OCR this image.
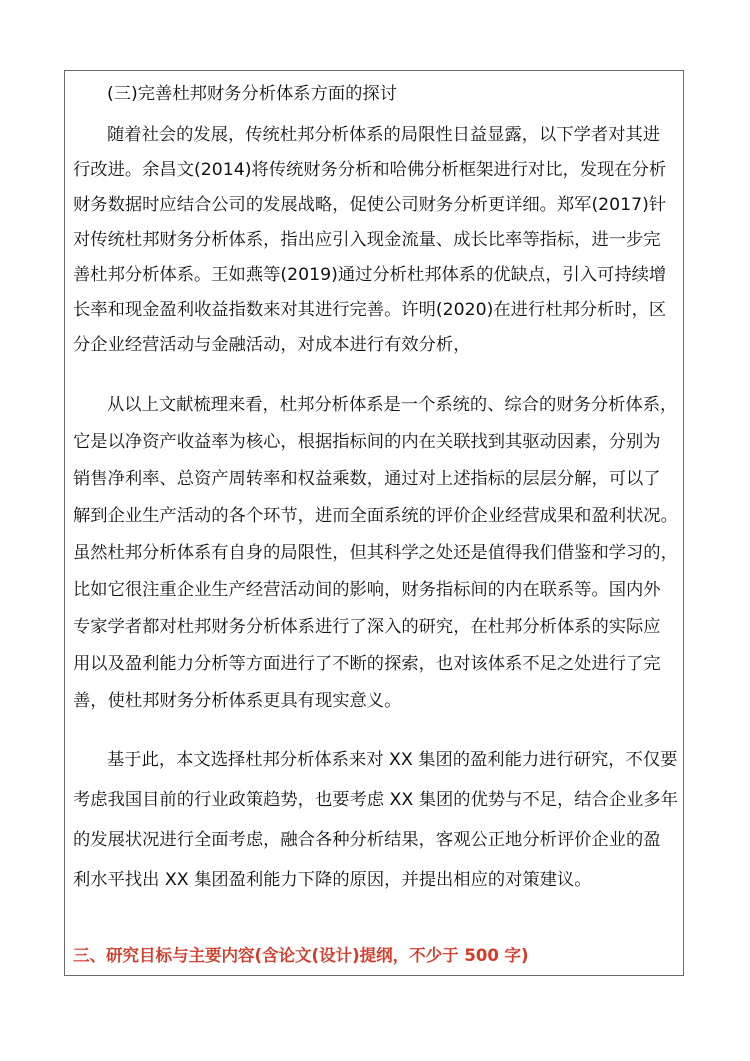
(三)完善杜邦财务分析体系方面的探讨
随着社会的发展，传统杜邦分析体系的局限性日益显露，以下学者对其进
行改进。余昌文(2014)将传统财务分析和哈佛分析框架进行对比，发现在分析
财务数据时应结合公司的发展战略，促使公司财务分析更详细。郑军(2017)针
对传统杜邦财务分析体系，指出应引入现金流量、成长比率等指标，进一步完
善杜邦分析体系。王如燕等(2019)通过分析杜邦体系的优缺点，引入可持续增
长率和现金盈利收益指数来对其进行完善。许明(2020)在进行杜邦分析时，区
分企业经营活动与金融活动，对成本进行有效分析，
从以上文献梳理来看，杜邦分析体系是一个系统的、综合的财务分析体系，
它是以净资产收益率为核心，根据指标间的内在关联找到其驱动因素，分别为
销售净利率、总资产周转率和权益乘数，通过对上述指标的层层分解，可以了
解到企业生产活动的各个环节，进而全面系统的评价企业经营成果和盈利状况。
虽然杜邦分析体系有自身的局限性，但其科学之处还是值得我们借鉴和学习的，
比如它很注重企业生产经营活动间的影响，财务指标间的内在联系等。国内外
专家学者都对杜邦财务分析体系进行了深入的研究，在杜邦分析体系的实际应
用以及盈利能力分析等方面进行了不断的探索，也对该体系不足之处进行了完
善，使杜邦财务分析体系更具有现实意义。
基于此，本文选择杜邦分析体系来对 XX 集团的盈利能力进行研究，不仅要
考虑我国目前的行业政策趋势，也要考虑 XX 集团的优势与不足，结合企业多年
的发展状况进行全面考虑，融合各种分析结果，客观公正地分析评价企业的盈
利水平找出 XX 集团盈利能力下降的原因，并提出相应的对策建议。
三、研究目标与主要内容(含论文(设计)提纲，不少于 500 字)
